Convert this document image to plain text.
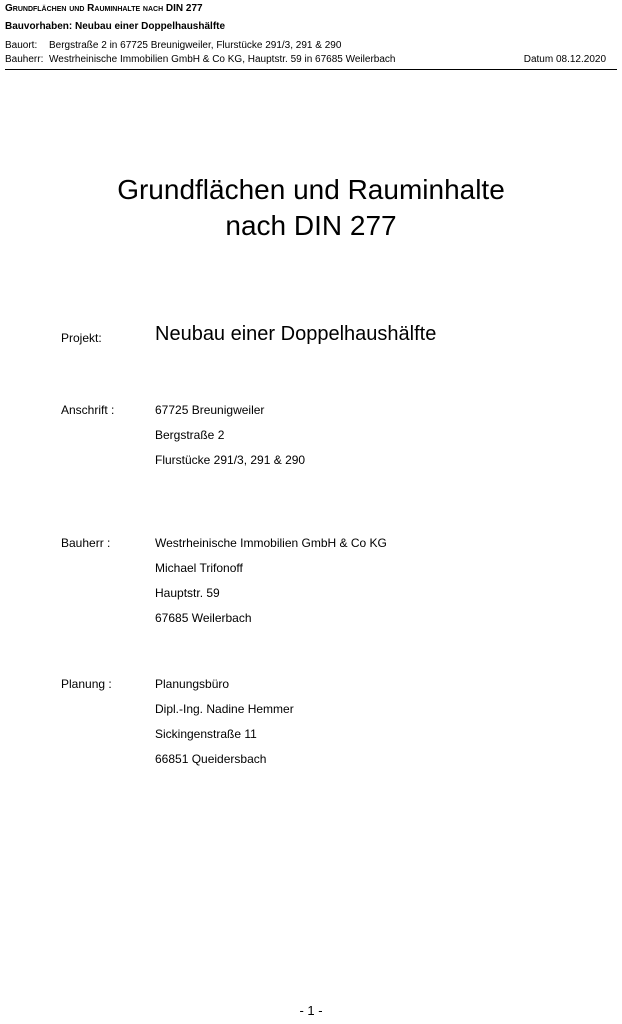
Grundflächen und Rauminhalte nach DIN 277
Bauvorhaben: Neubau einer Doppelhaushälfte
Bauort: Bergstraße 2 in 67725 Breunigweiler, Flurstücke 291/3, 291 & 290
Bauherr: Westrheinische Immobilien GmbH & Co KG, Hauptstr. 59 in 67685 Weilerbach	Datum 08.12.2020
Grundflächen und Rauminhalte
nach DIN 277
Projekt:	Neubau einer Doppelhaushälfte
Anschrift :	67725 Breunigweiler
Bergstraße 2
Flurstücke 291/3, 291 & 290
Bauherr :	Westrheinische Immobilien GmbH & Co KG
Michael Trifonoff
Hauptstr. 59
67685 Weilerbach
Planung :	Planungsbüro
Dipl.-Ing. Nadine Hemmer
Sickingenstraße 11
66851 Queidersbach
- 1 -
